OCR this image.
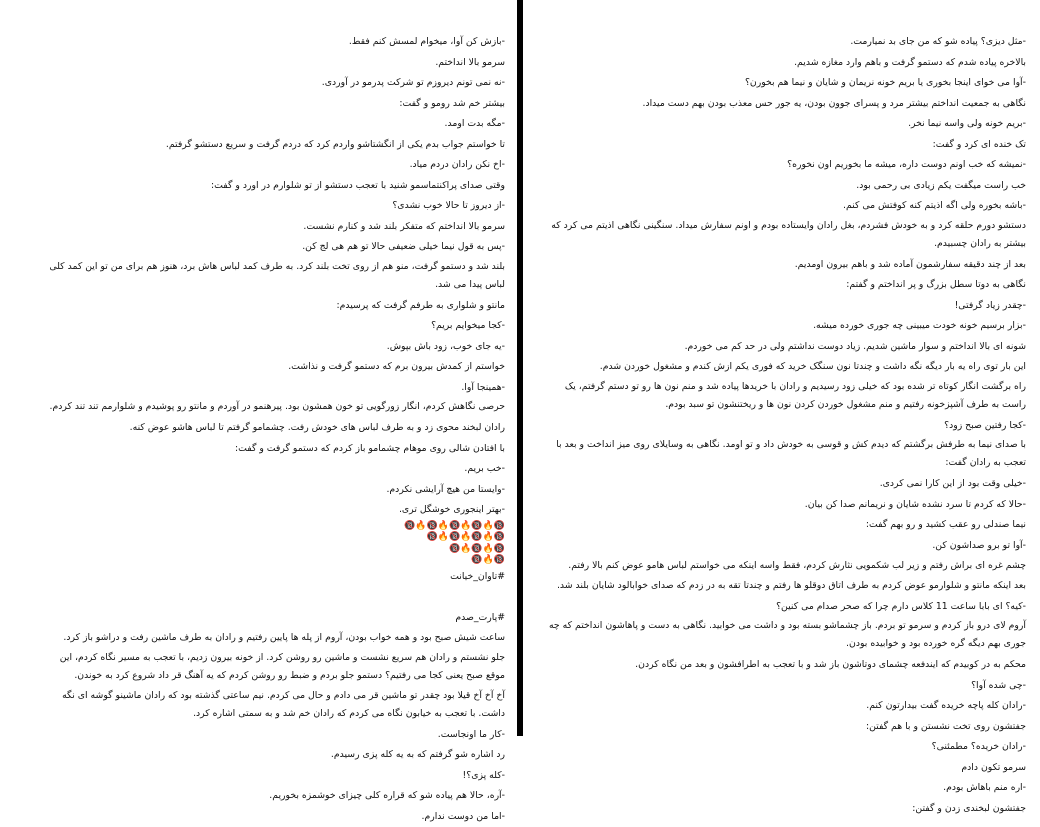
-بازش کن آوا، میخوام لمسش کنم فقط.
سرمو بالا انداختم.
-نه نمی تونم دیروزم تو شرکت پدرمو در آوردی.
بیشتر خم شد رومو و گفت:
-مگه بدت اومد.
تا خواستم جواب بدم یکی از انگشتاشو واردم کرد که دردم گرفت و سریع دستشو گرفتم.
-اخ نکن رادان دردم میاد.
وقتی صدای پراکنتماسمو شنید با تعجب دستشو از تو شلوارم در اورد و گفت:
-از دیروز تا حالا خوب نشدی؟
سرمو بالا انداختم که متفکر بلند شد و کنارم نشست.
-پس به قول نیما خیلی ضعیفی حالا تو هم هی لج کن.
بلند شد و دستمو گرفت، منو هم از روی تخت بلند کرد. به طرف کمد لباس هاش برد، هنوز هم برای من تو این کمد کلی لباس پیدا می شد.
مانتو و شلواری به طرفم گرفت که پرسیدم:
-کجا میخوایم بریم؟
-یه جای خوب، زود باش بپوش.
خواستم از کمدش بیرون برم که دستمو گرفت و نذاشت.
-همینجا آوا.
حرصی نگاهش کردم، انگار زورگویی تو خون همشون بود. پیرهنمو در آوردم و مانتو رو پوشیدم و شلوارمم تند تند کردم.
رادان لبخند محوی زد و به طرف لباس های خودش رفت. چشمامو گرفتم تا لباس هاشو عوض کنه.
با افتادن شالی روی موهام چشمامو باز کردم که دستمو گرفت و گفت:
-خب بریم.
-وایستا من هیچ آرایشی نکردم.
-بهتر اینجوری خوشگل تری.
🔞🔥🔞🔥🔞🔥🔞🔥🔞
🔞🔥🔞🔥🔞🔥🔞
🔞🔥🔞🔥🔞
🔞🔥🔞
#تاوان_خیانت
#پارت_صدم
ساعت شیش صبح بود و همه خواب بودن، آروم از پله ها پایین رفتیم و رادان به طرف ماشین رفت و دراشو باز کرد.
جلو نشستم و رادان هم سریع نشست و ماشین رو روشن کرد. از خونه بیرون زدیم، با تعجب به مسیر نگاه کردم، این موقع صبح یعنی کجا می رفتیم؟ دستمو جلو بردم و ضبط رو روشن کردم که یه آهنگ قر داد شروع کرد به خوندن.
آخ آخ آخ قیلا بود چقدر تو ماشین قر می دادم و حال می کردم. نیم ساعتی گذشته بود که رادان ماشینو گوشه ای نگه داشت. با تعجب به خیابون نگاه می کردم که رادان خم شد و به سمتی اشاره کرد.
-کار ما اونجاست.
رد اشاره شو گرفتم که به یه کله پزی رسیدم.
-کله پزی؟!
-آره، حالا هم پیاده شو که قراره کلی چیزای خوشمزه بخوریم.
-اما من دوست ندارم.
-مثل دیزی؟ پیاده شو که من جای بد نمیارمت.
بالاخره پیاده شدم که دستمو گرفت و باهم وارد مغازه شدیم.
-آوا می خوای اینجا بخوری یا بریم خونه نریمان و شایان و نیما هم بخورن؟
نگاهی به جمعیت انداختم بیشتر مرد و پسرای جوون بودن، یه جور حس معذب بودن بهم دست میداد.
-بریم خونه ولی واسه نیما نخر.
تک خنده ای کرد و گفت:
-نمیشه که خب اونم دوست داره، میشه ما بخوریم اون نخوره؟
خب راست میگفت یکم زیادی بی رحمی بود.
-باشه بخوره ولی اگه اذیتم کنه کوفتش می کنم.
دستشو دورم حلقه کرد و به خودش فشردم، بغل رادان وایستاده بودم و اونم سفارش میداد. سنگینی نگاهی اذیتم می کرد که بیشتر به رادان چسبیدم.
بعد از چند دقیقه سفارشمون آماده شد و باهم بیرون اومدیم.
نگاهی به دوتا سطل بزرگ و پر انداختم و گفتم:
-چقدر زیاد گرفتی!
-بزار برسیم خونه خودت میبینی چه جوری خورده میشه.
شونه ای بالا انداختم و سوار ماشین شدیم. زیاد دوست نداشتم ولی در حد کم می خوردم.
این بار توی راه یه بار دیگه نگه داشت و چندتا نون سنگک خرید که فوری یکم ازش کندم و مشغول خوردن شدم.
راه برگشت انگار کوتاه تر شده بود که خیلی زود رسیدیم و رادان با خریدها پیاده شد و منم نون ها رو تو دستم گرفتم، یک راست به طرف آشپزخونه رفتیم و منم مشغول خوردن کردن نون ها و ریختنشون تو سبد بودم.
-کجا رفتین صبح زود؟
با صدای نیما به طرفش برگشتم که دیدم کش و قوسی به خودش داد و تو اومد. نگاهی به وسایلای روی میز انداخت و بعد با تعجب به رادان گفت:
-خیلی وقت بود از این کارا نمی کردی.
-حالا که کردم تا سرد نشده شایان و نریمانم صدا کن بیان.
نیما صندلی رو عقب کشید و رو بهم گفت:
-آوا تو برو صداشون کن.
چشم غره ای براش رفتم و زیر لب شکمویی نثارش کردم، فقط واسه اینکه می خواستم لباس هامو عوض کنم بالا رفتم.
بعد اینکه مانتو و شلوارمو عوض کردم به طرف اتاق دوقلو ها رفتم و چندتا تقه به در زدم که صدای خوابالود شایان بلند شد.
-کیه؟ ای بابا ساعت 11 کلاس دارم چرا که صحر صدام می کنین؟
آروم لای درو باز کردم و سرمو تو بردم. باز چشماشو بسته بود و داشت می خوابید. نگاهی به دست و پاهاشون انداختم که چه جوری بهم دیگه گره خورده بود و خوابیده بودن.
محکم به در کوبیدم که ایندفعه چشمای دوتاشون باز شد و با تعجب به اطرافشون و بعد من نگاه کردن.
-چی شده آوا؟
-رادان کله پاچه خریده گفت بیدارتون کنم.
جفتشون روی تخت نشستن و با هم گفتن:
-رادان خریده؟ مطمئنی؟
سرمو تکون دادم
-اره منم باهاش بودم.
جفتشون لبخندی زدن و گفتن:
